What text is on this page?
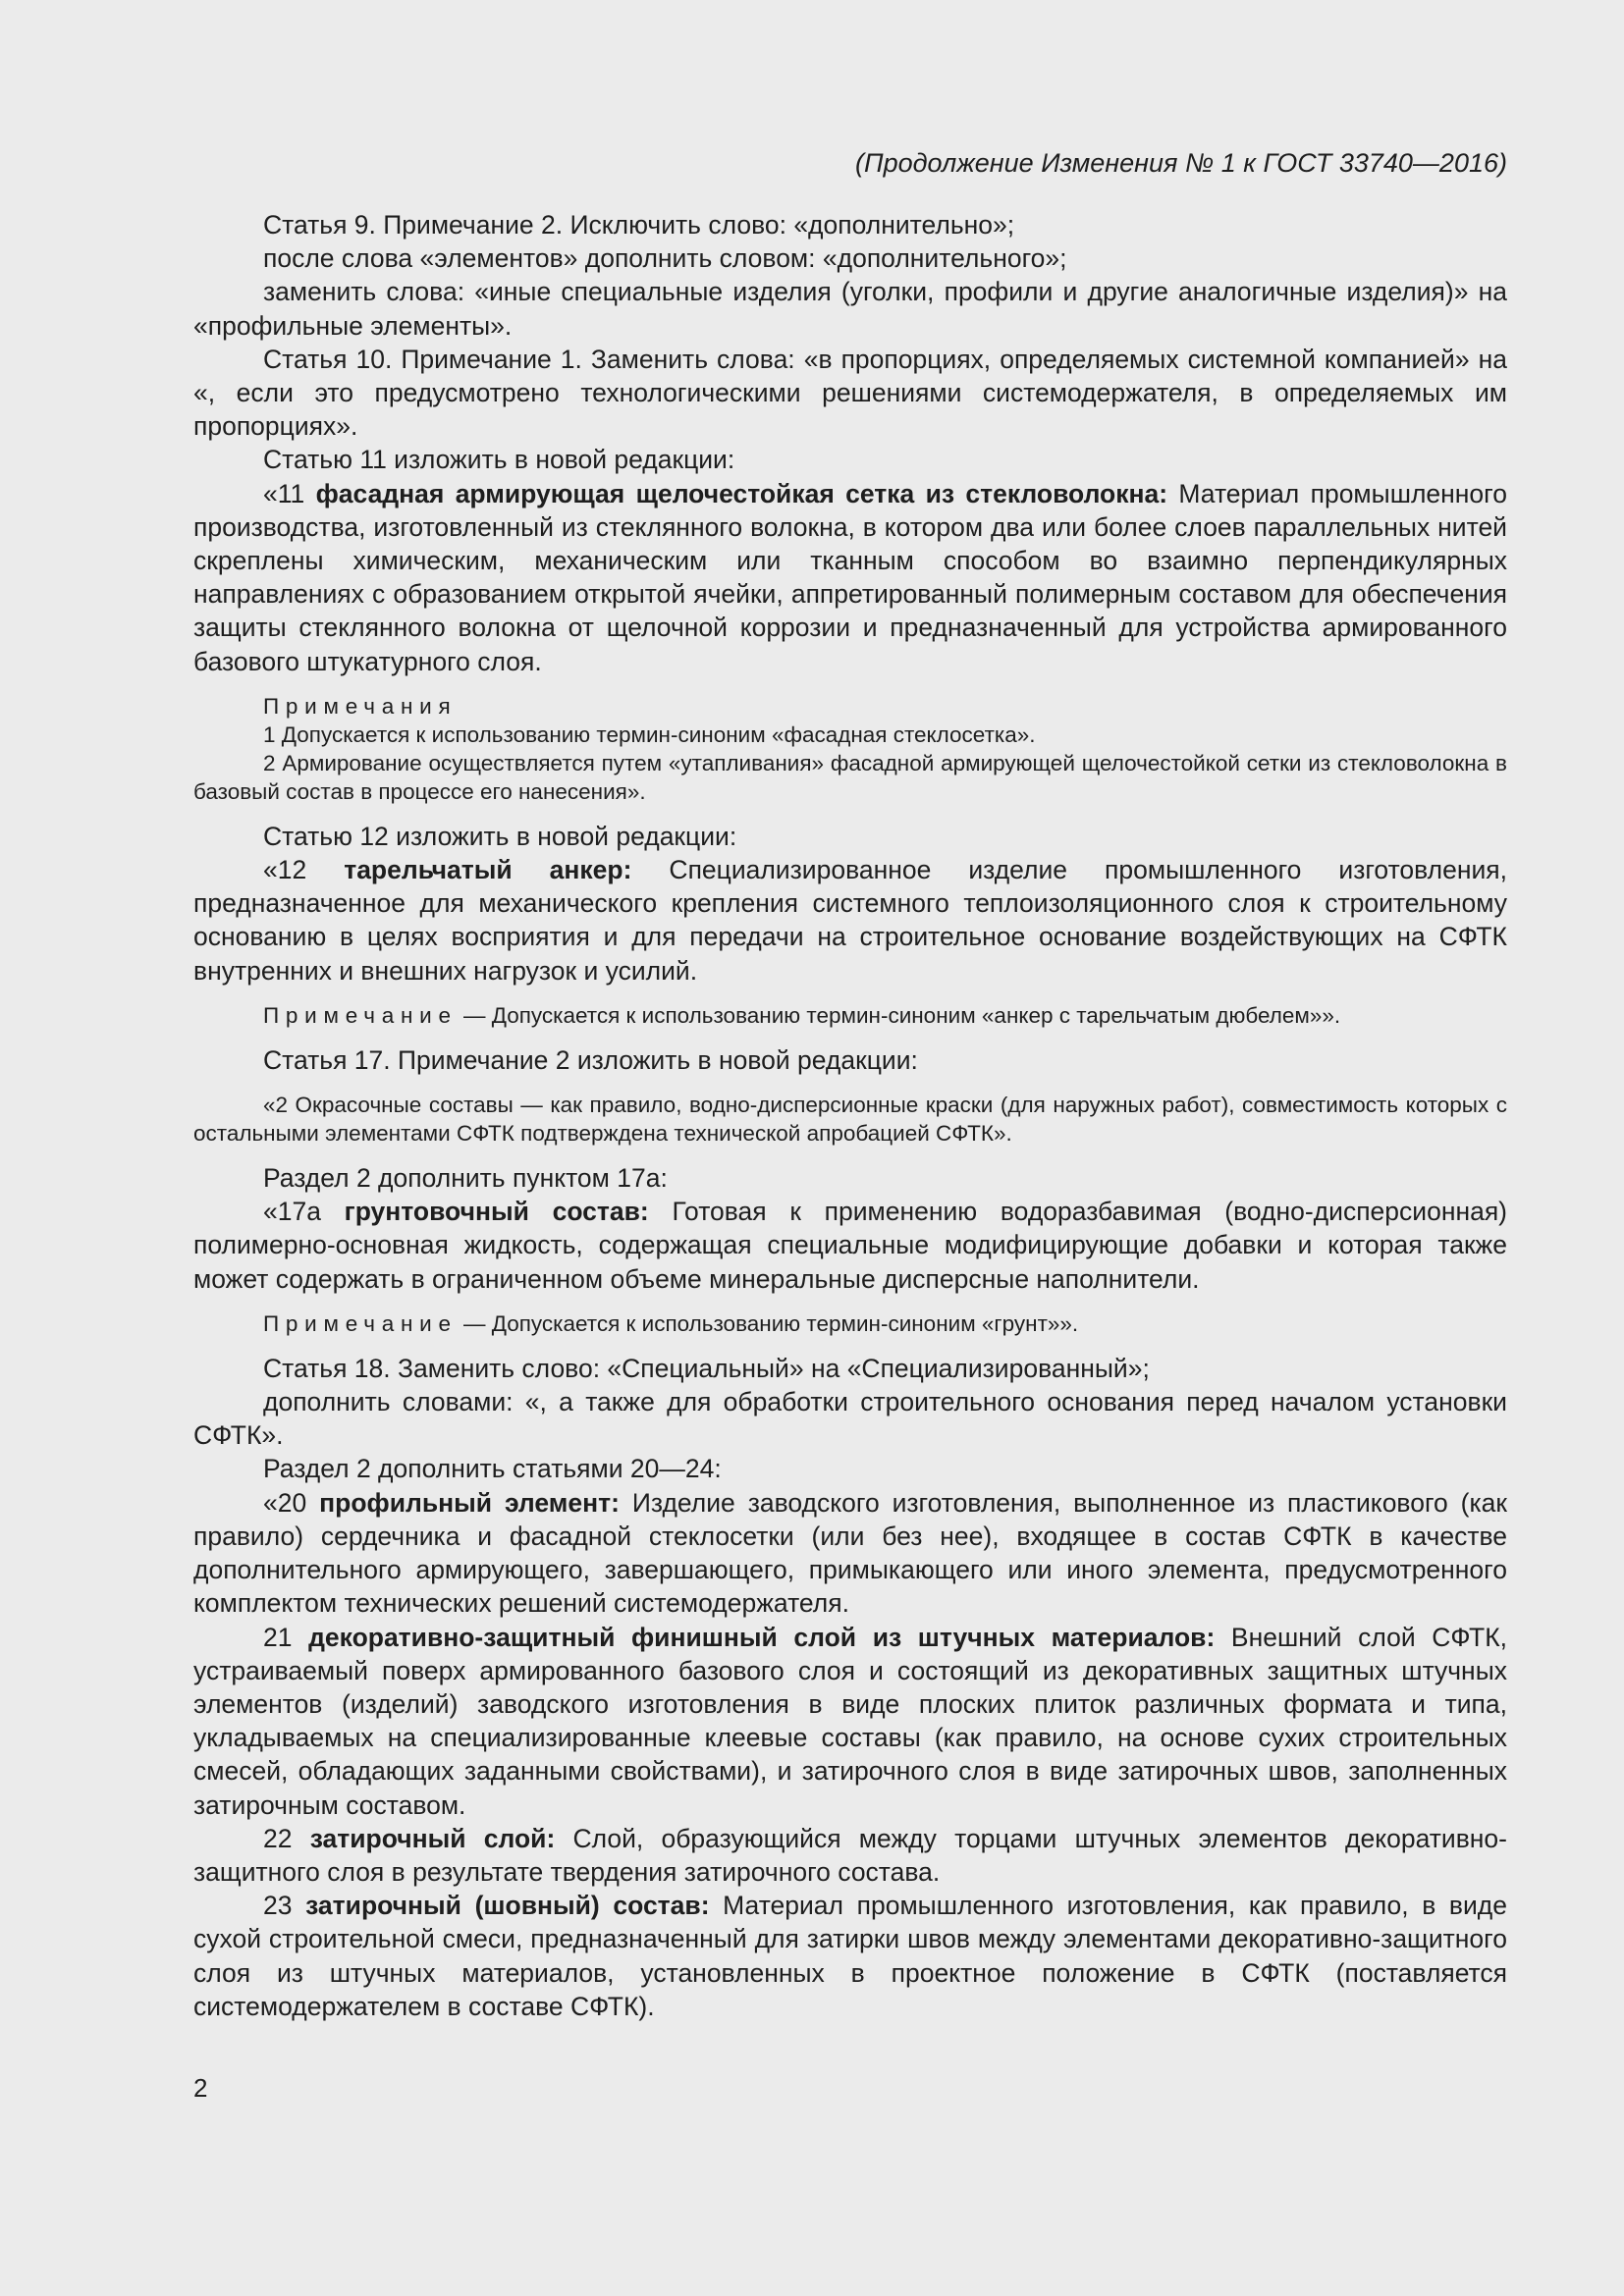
(Продолжение Изменения № 1 к ГОСТ 33740—2016)

Статья 9. Примечание 2. Исключить слово: «дополнительно»;

после слова «элементов» дополнить словом: «дополнительного»;

заменить слова: «иные специальные изделия (уголки, профили и другие аналогичные изделия)» на «профильные элементы».

Статья 10. Примечание 1. Заменить слова: «в пропорциях, определяемых системной компанией» на «, если это предусмотрено технологическими решениями системодержателя, в определяемых им пропорциях».

Статью 11 изложить в новой редакции:

«11 фасадная армирующая щелочестойкая сетка из стекловолокна: Материал промышленного производства, изготовленный из стеклянного волокна, в котором два или более слоев параллельных нитей скреплены химическим, механическим или тканным способом во взаимно перпендикулярных направлениях с образованием открытой ячейки, аппретированный полимерным составом для обеспечения защиты стеклянного волокна от щелочной коррозии и предназначенный для устройства армированного базового штукатурного слоя.

Примечания

1 Допускается к использованию термин-синоним «фасадная стеклосетка».

2 Армирование осуществляется путем «утапливания» фасадной армирующей щелочестойкой сетки из стекловолокна в базовый состав в процессе его нанесения».

Статью 12 изложить в новой редакции:

«12 тарельчатый анкер: Специализированное изделие промышленного изготовления, предназначенное для механического крепления системного теплоизоляционного слоя к строительному основанию в целях восприятия и для передачи на строительное основание воздействующих на СФТК внутренних и внешних нагрузок и усилий.

Примечание — Допускается к использованию термин-синоним «анкер с тарельчатым дюбелем»».

Статья 17. Примечание 2 изложить в новой редакции:

«2 Окрасочные составы — как правило, водно-дисперсионные краски (для наружных работ), совместимость которых с остальными элементами СФТК подтверждена технической апробацией СФТК».

Раздел 2 дополнить пунктом 17а:

«17а грунтовочный состав: Готовая к применению водоразбавимая (водно-дисперсионная) полимерно-основная жидкость, содержащая специальные модифицирующие добавки и которая также может содержать в ограниченном объеме минеральные дисперсные наполнители.

Примечание — Допускается к использованию термин-синоним «грунт»».

Статья 18. Заменить слово: «Специальный» на «Специализированный»;

дополнить словами: «, а также для обработки строительного основания перед началом установки СФТК».

Раздел 2 дополнить статьями 20—24:

«20 профильный элемент: Изделие заводского изготовления, выполненное из пластикового (как правило) сердечника и фасадной стеклосетки (или без нее), входящее в состав СФТК в качестве дополнительного армирующего, завершающего, примыкающего или иного элемента, предусмотренного комплектом технических решений системодержателя.

21 декоративно-защитный финишный слой из штучных материалов: Внешний слой СФТК, устраиваемый поверх армированного базового слоя и состоящий из декоративных защитных штучных элементов (изделий) заводского изготовления в виде плоских плиток различных формата и типа, укладываемых на специализированные клеевые составы (как правило, на основе сухих строительных смесей, обладающих заданными свойствами), и затирочного слоя в виде затирочных швов, заполненных затирочным составом.

22 затирочный слой: Слой, образующийся между торцами штучных элементов декоративно-защитного слоя в результате твердения затирочного состава.

23 затирочный (шовный) состав: Материал промышленного изготовления, как правило, в виде сухой строительной смеси, предназначенный для затирки швов между элементами декоративно-защитного слоя из штучных материалов, установленных в проектное положение в СФТК (поставляется системодержателем в составе СФТК).

2
